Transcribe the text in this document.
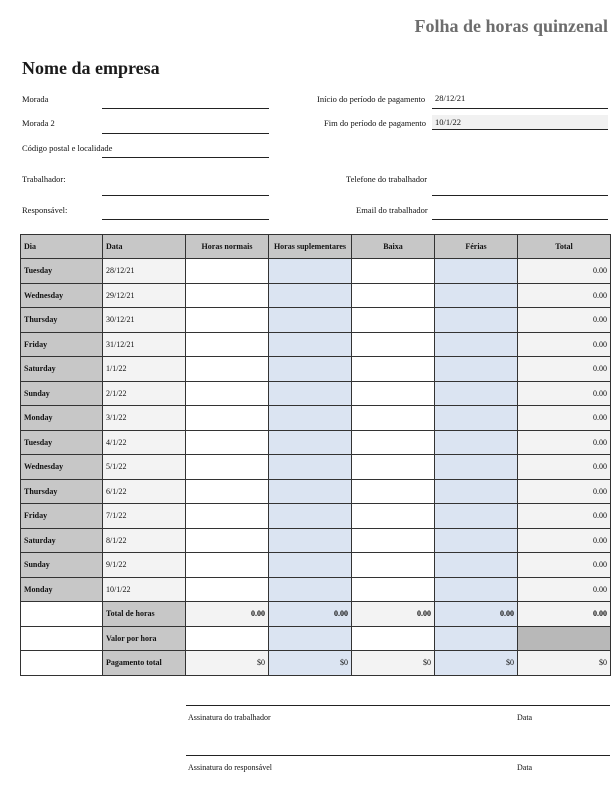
Folha de horas quinzenal
Nome da empresa
Morada
Morada 2
Código postal e localidade
Trabalhador:
Responsável:
Início do período de pagamento	28/12/21
Fim do período de pagamento	10/1/22
Telefone do trabalhador
Email do trabalhador
Dia	Data	Horas normais	Horas suplementares	Baixa	Férias	Total
Tuesday	28/12/21					0.00
Wednesday	29/12/21					0.00
Thursday	30/12/21					0.00
Friday	31/12/21					0.00
Saturday	1/1/22					0.00
Sunday	2/1/22					0.00
Monday	3/1/22					0.00
Tuesday	4/1/22					0.00
Wednesday	5/1/22					0.00
Thursday	6/1/22					0.00
Friday	7/1/22					0.00
Saturday	8/1/22					0.00
Sunday	9/1/22					0.00
Monday	10/1/22					0.00
	Total de horas	0.00	0.00	0.00	0.00	0.00
	Valor por hora					
	Pagamento total	$0	$0	$0	$0	$0
Assinatura do trabalhador	Data
Assinatura do responsável	Data
